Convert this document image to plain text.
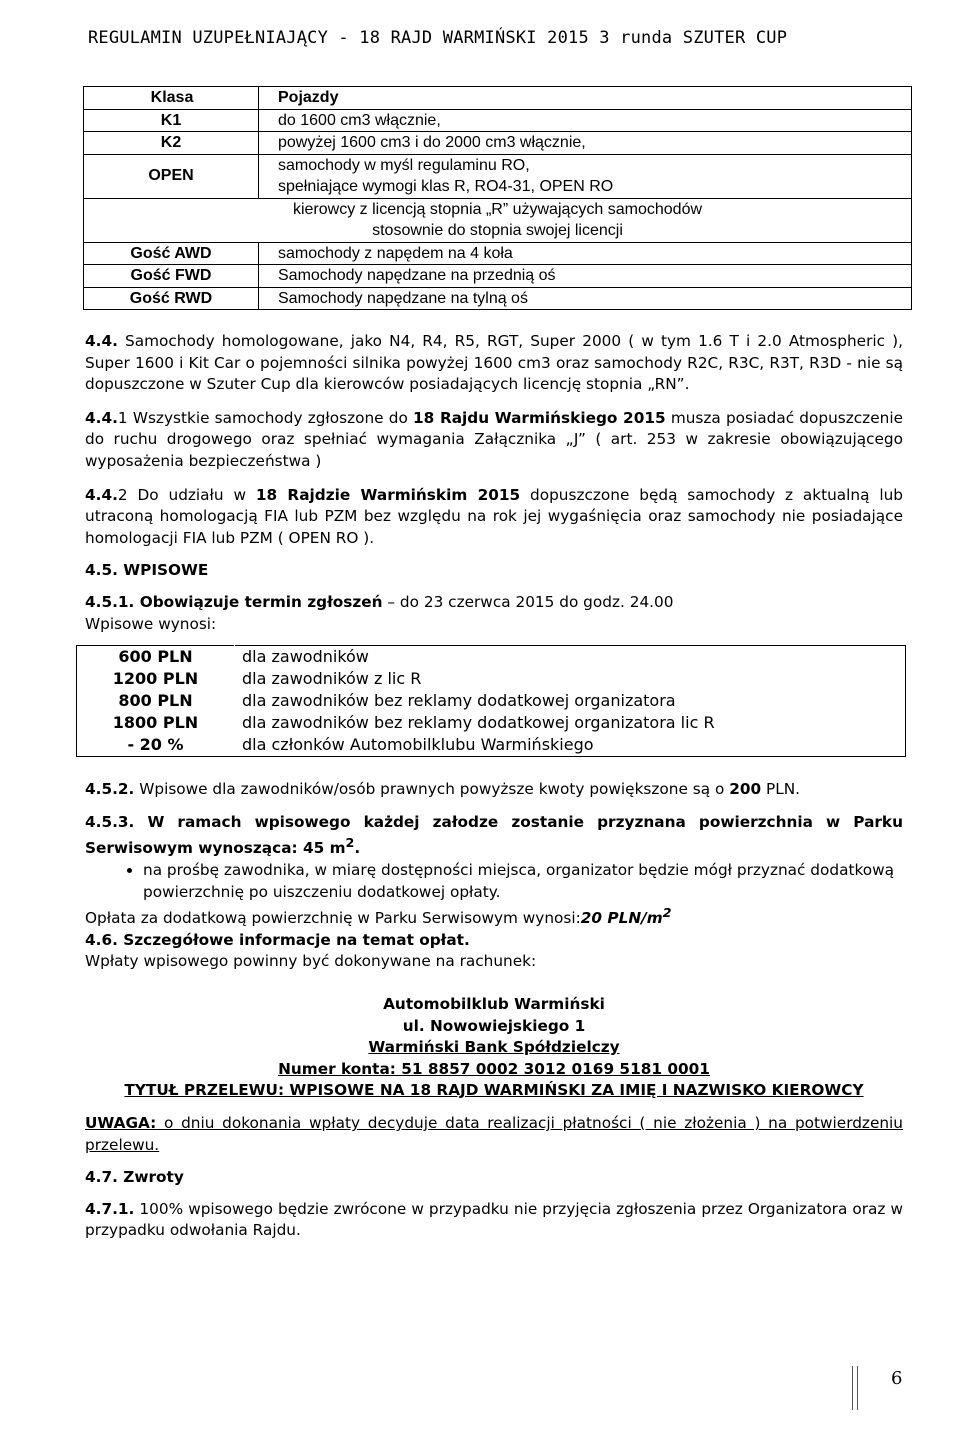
REGULAMIN UZUPEŁNIAJĄCY - 18 RAJD WARMIŃSKI 2015 3 runda SZUTER CUP
Klasa	Pojazdy
K1	do 1600 cm3 włącznie,
K2	powyżej 1600 cm3 i do 2000 cm3 włącznie,
OPEN	samochody w myśl regulaminu RO,
spełniające wymogi klas R, RO4-31, OPEN RO

kierowcy z licencją stopnia „R” używających samochodów
stosownie do stopnia swojej licencji	

Gość AWD	samochody z napędem na 4 koła
Gość FWD	Samochody napędzane na przednią oś
Gość RWD	Samochody napędzane na tylną oś

4.4. Samochody homologowane, jako N4, R4, R5, RGT, Super 2000 ( w tym 1.6 T i 2.0 Atmospheric ), Super 1600 i Kit Car o pojemności silnika powyżej 1600 cm3 oraz samochody R2C, R3C, R3T, R3D - nie są dopuszczone w Szuter Cup dla kierowców posiadających licencję stopnia „RN”.

4.4.1 Wszystkie samochody zgłoszone do 18 Rajdu Warmińskiego 2015 musza posiadać dopuszczenie do ruchu drogowego oraz spełniać wymagania Załącznika „J” ( art. 253 w zakresie obowiązującego wyposażenia bezpieczeństwa )

4.4.2 Do udziału w 18 Rajdzie Warmińskim 2015 dopuszczone będą samochody z aktualną lub utraconą homologacją FIA lub PZM bez względu na rok jej wygaśnięcia oraz samochody nie posiadające homologacji FIA lub PZM ( OPEN RO ).

4.5. WPISOWE

4.5.1. Obowiązuje termin zgłoszeń – do 23 czerwca 2015 do godz. 24.00

Wpisowe wynosi:

600 PLN	dla zawodników
1200 PLN	dla zawodników z lic R
800 PLN	dla zawodników bez reklamy dodatkowej organizatora
1800 PLN	dla zawodników bez reklamy dodatkowej organizatora lic R
- 20 %	dla członków Automobilklubu Warmińskiego

4.5.2. Wpisowe dla zawodników/osób prawnych powyższe kwoty powiększone są o 200 PLN.

4.5.3. W ramach wpisowego każdej załodze zostanie przyznana powierzchnia w Parku Serwisowym wynosząca: 45 $m^2$.

• na prośbę zawodnika, w miarę dostępności miejsca, organizator będzie mógł przyznać dodatkową powierzchnię po uiszczeniu dodatkowej opłaty.

Opłata za dodatkową powierzchnię w Parku Serwisowym wynosi:20 PLN/$m^2$

4.6. Szczegółowe informacje na temat opłat.

Wpłaty wpisowego powinny być dokonywane na rachunek:

Automobilklub Warmiński

ul. Nowowiejskiego 1

Warmiński Bank Spółdzielczy

Numer konta: 51 8857 0002 3012 0169 5181 0001

TYTUŁ PRZELEWU: WPISOWE NA 18 RAJD WARMIŃSKI ZA IMIĘ I NAZWISKO KIEROWCY

UWAGA: o dniu dokonania wpłaty decyduje data realizacji płatności ( nie złożenia ) na potwierdzeniu przelewu.

4.7. Zwroty

4.7.1. 100% wpisowego będzie zwrócone w przypadku nie przyjęcia zgłoszenia przez Organizatora oraz w przypadku odwołania Rajdu.

6
